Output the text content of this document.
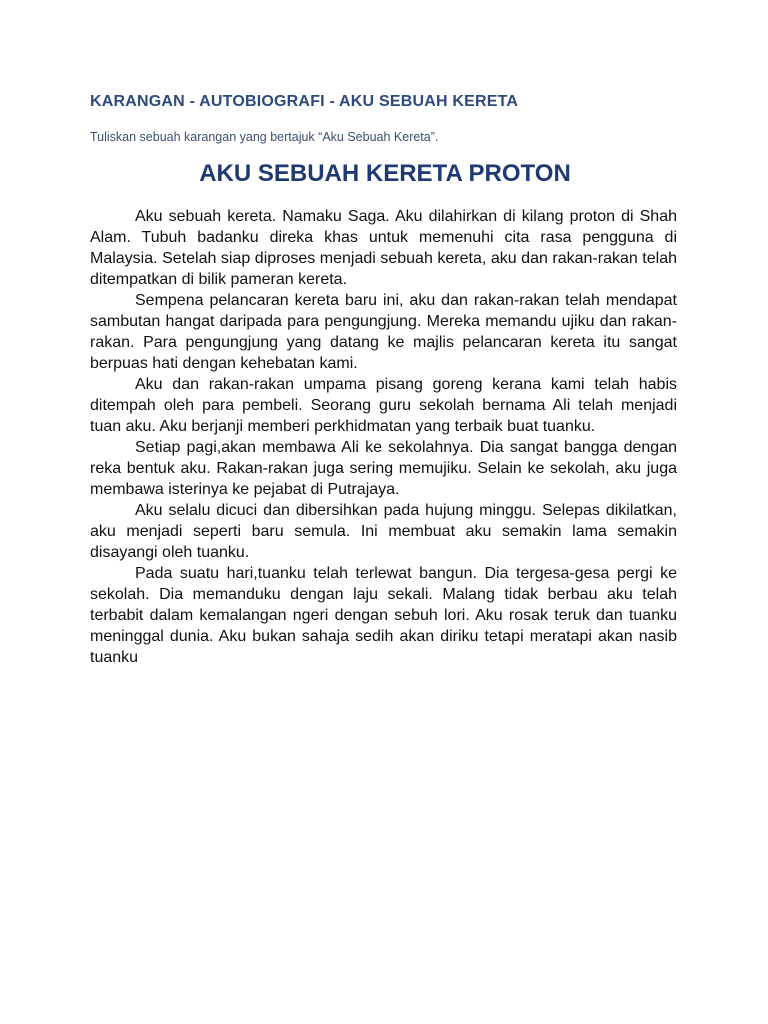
KARANGAN - AUTOBIOGRAFI - AKU SEBUAH KERETA

Tuliskan sebuah karangan yang bertajuk “Aku Sebuah Kereta”.

AKU SEBUAH KERETA PROTON

Aku sebuah kereta. Namaku Saga. Aku dilahirkan di kilang proton di Shah Alam. Tubuh badanku direka khas untuk memenuhi cita rasa pengguna di Malaysia. Setelah siap diproses menjadi sebuah kereta, aku dan rakan-rakan telah ditempatkan di bilik pameran kereta.

Sempena pelancaran kereta baru ini, aku dan rakan-rakan telah mendapat sambutan hangat daripada para pengungjung. Mereka memandu ujiku dan rakan-rakan. Para pengungjung yang datang ke majlis pelancaran kereta itu sangat berpuas hati dengan kehebatan kami.

Aku dan rakan-rakan umpama pisang goreng kerana kami telah habis ditempah oleh para pembeli. Seorang guru sekolah bernama Ali telah menjadi tuan aku. Aku berjanji memberi perkhidmatan yang terbaik buat tuanku.

Setiap pagi,akan membawa Ali ke sekolahnya. Dia sangat bangga dengan reka bentuk aku. Rakan-rakan juga sering memujiku. Selain ke sekolah, aku juga membawa isterinya ke pejabat di Putrajaya.

Aku selalu dicuci dan dibersihkan pada hujung minggu. Selepas dikilatkan, aku menjadi seperti baru semula. Ini membuat aku semakin lama semakin disayangi oleh tuanku.

Pada suatu hari,tuanku telah terlewat bangun. Dia tergesa-gesa pergi ke sekolah. Dia memanduku dengan laju sekali. Malang tidak berbau aku telah terbabit dalam kemalangan ngeri dengan sebuh lori. Aku rosak teruk dan tuanku meninggal dunia. Aku bukan sahaja sedih akan diriku tetapi meratapi akan nasib tuanku
